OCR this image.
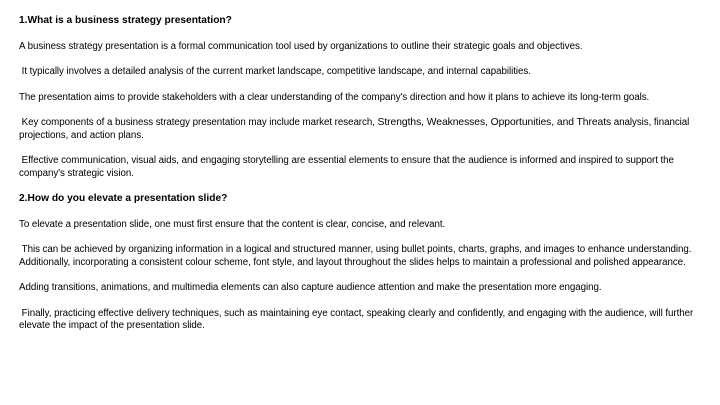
1.What is a business strategy presentation?
A business strategy presentation is a formal communication tool used by organizations to outline their strategic goals and objectives.
It typically involves a detailed analysis of the current market landscape, competitive landscape, and internal capabilities.
The presentation aims to provide stakeholders with a clear understanding of the company's direction and how it plans to achieve its long-term goals.
Key components of a business strategy presentation may include market research, Strengths, Weaknesses, Opportunities, and Threats analysis, financial projections, and action plans.
Effective communication, visual aids, and engaging storytelling are essential elements to ensure that the audience is informed and inspired to support the company's strategic vision.
2.How do you elevate a presentation slide?
To elevate a presentation slide, one must first ensure that the content is clear, concise, and relevant.
This can be achieved by organizing information in a logical and structured manner, using bullet points, charts, graphs, and images to enhance understanding. Additionally, incorporating a consistent colour scheme, font style, and layout throughout the slides helps to maintain a professional and polished appearance.
Adding transitions, animations, and multimedia elements can also capture audience attention and make the presentation more engaging.
Finally, practicing effective delivery techniques, such as maintaining eye contact, speaking clearly and confidently, and engaging with the audience, will further elevate the impact of the presentation slide.
